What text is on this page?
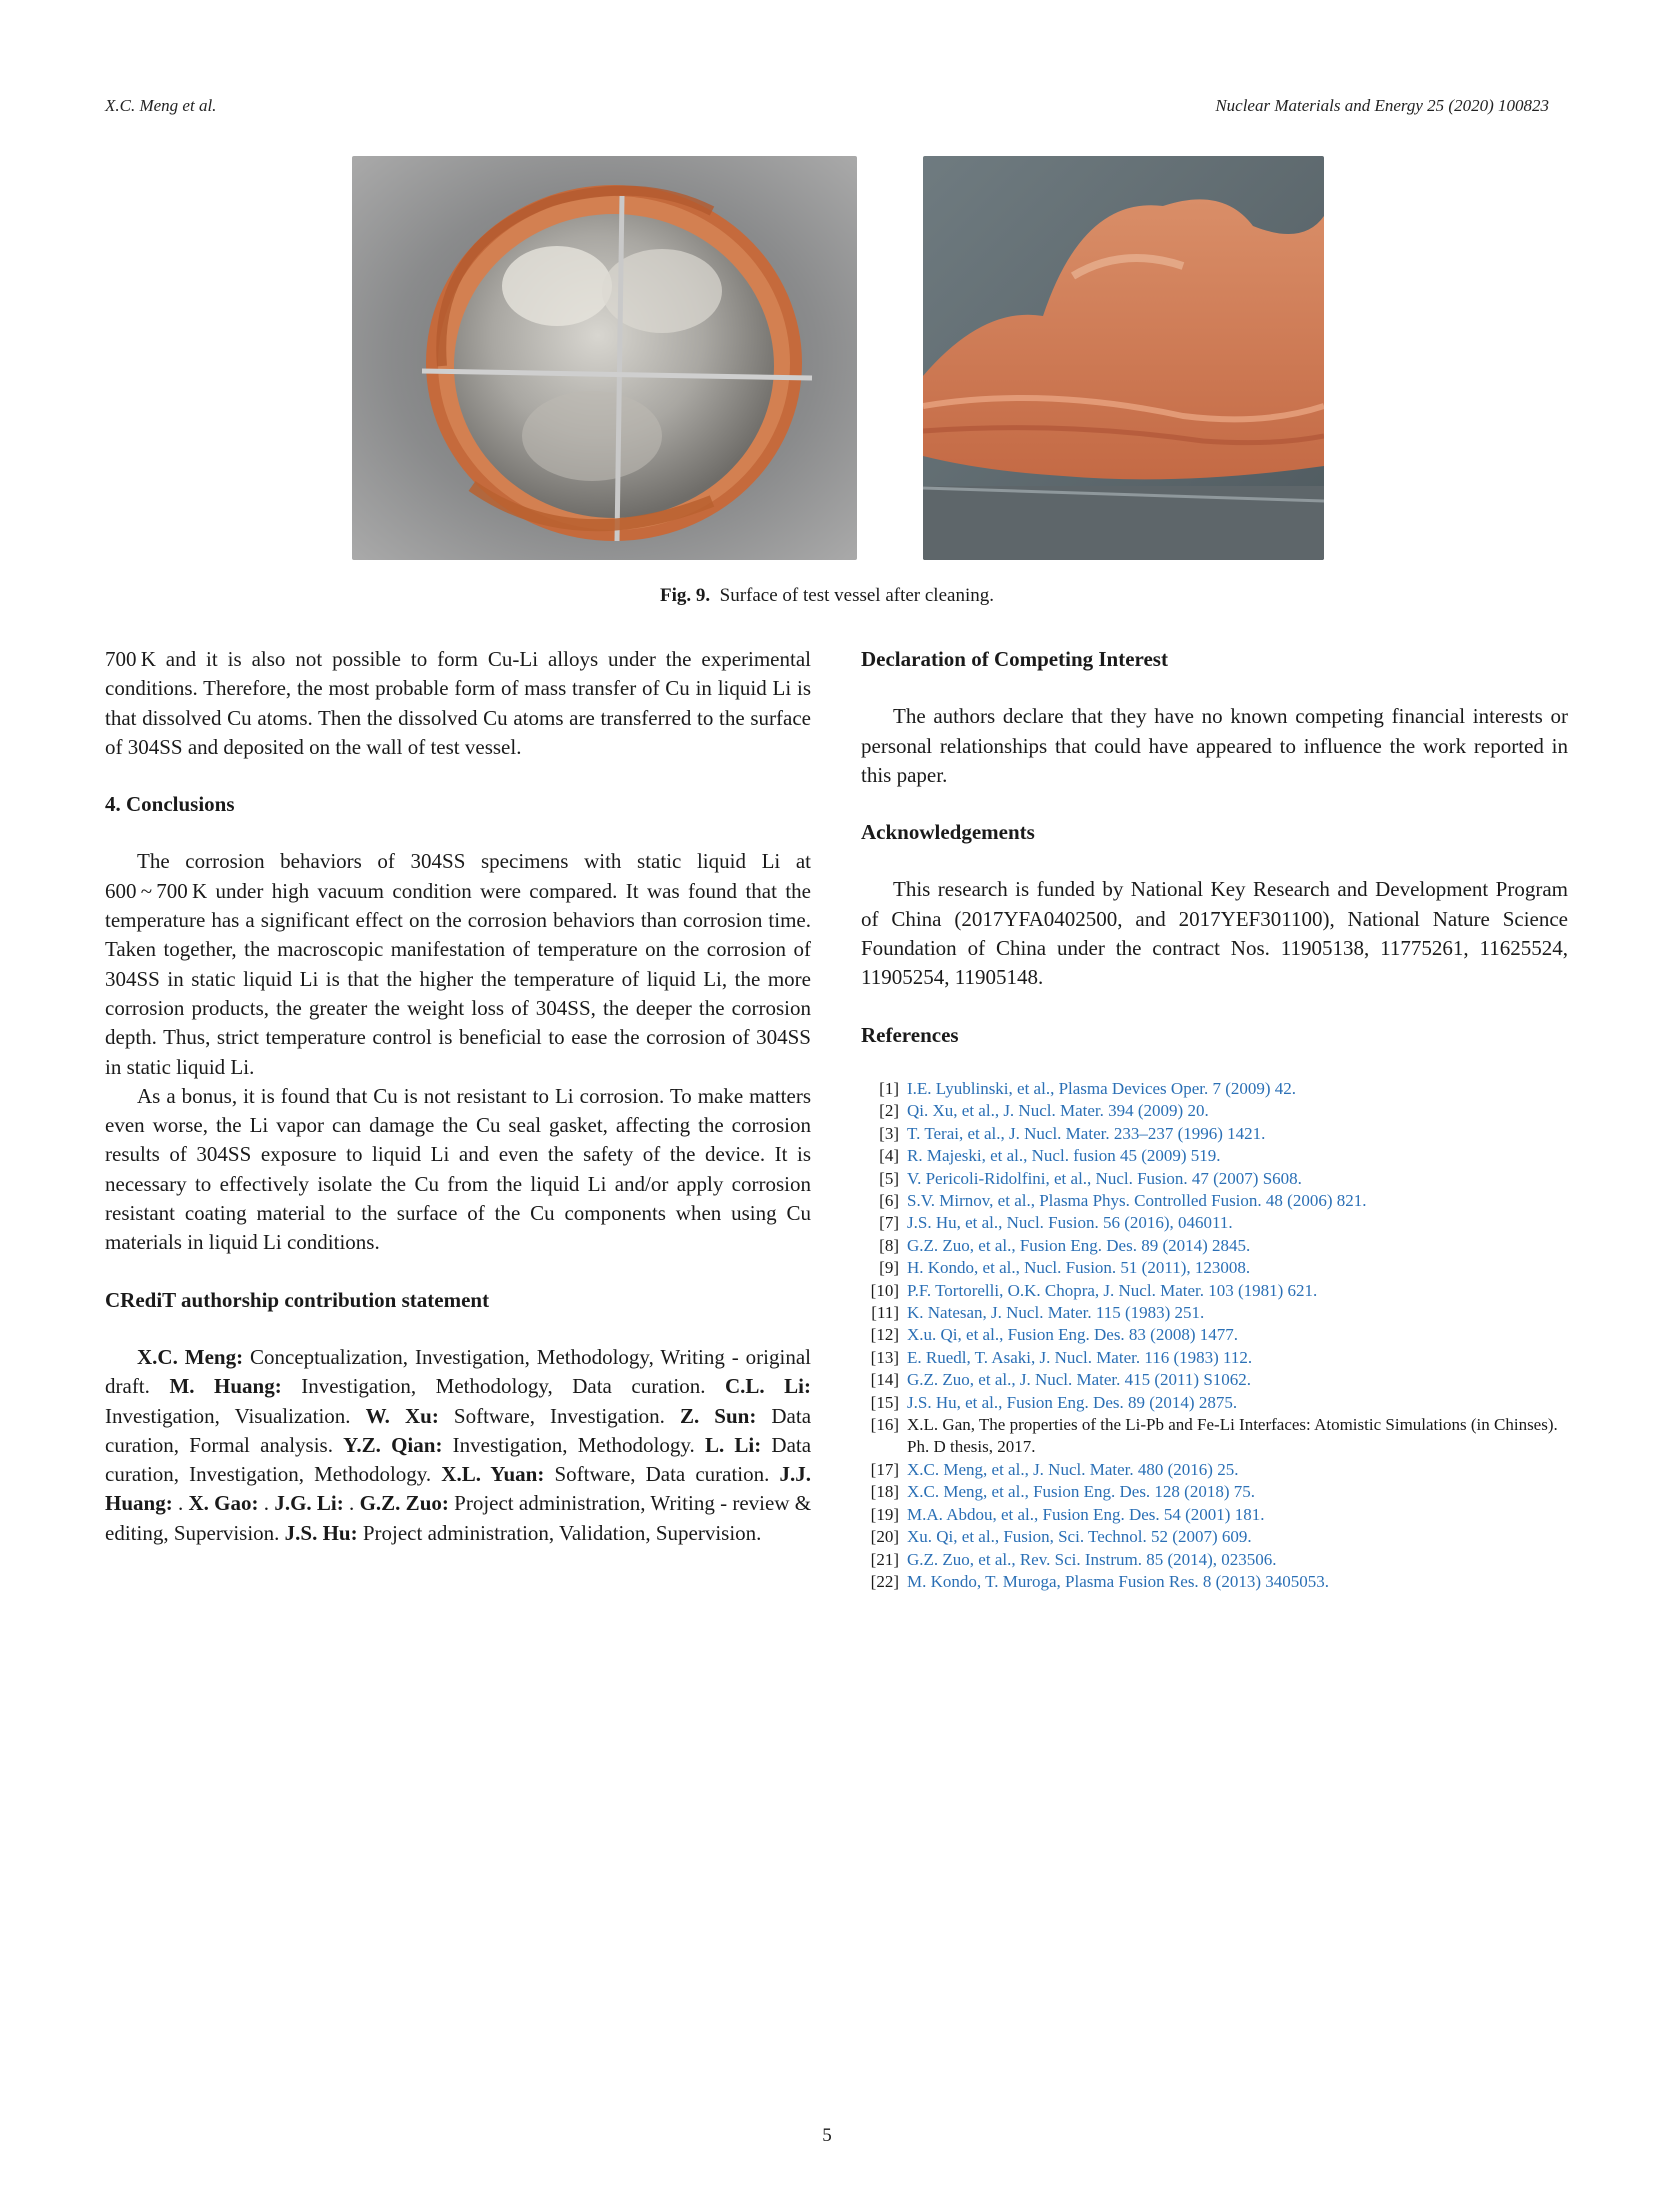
X.C. Meng et al.	Nuclear Materials and Energy 25 (2020) 100823
Fig. 9. Surface of test vessel after cleaning.

700 K and it is also not possible to form Cu-Li alloys under the experimental conditions. Therefore, the most probable form of mass transfer of Cu in liquid Li is that dissolved Cu atoms. Then the dissolved Cu atoms are transferred to the surface of 304SS and deposited on the wall of test vessel.

4. Conclusions

The corrosion behaviors of 304SS specimens with static liquid Li at 600 ~ 700 K under high vacuum condition were compared. It was found that the temperature has a significant effect on the corrosion behaviors than corrosion time. Taken together, the macroscopic manifestation of temperature on the corrosion of 304SS in static liquid Li is that the higher the temperature of liquid Li, the more corrosion products, the greater the weight loss of 304SS, the deeper the corrosion depth. Thus, strict temperature control is beneficial to ease the corrosion of 304SS in static liquid Li.

As a bonus, it is found that Cu is not resistant to Li corrosion. To make matters even worse, the Li vapor can damage the Cu seal gasket, affecting the corrosion results of 304SS exposure to liquid Li and even the safety of the device. It is necessary to effectively isolate the Cu from the liquid Li and/or apply corrosion resistant coating material to the surface of the Cu components when using Cu materials in liquid Li conditions.

CRediT authorship contribution statement

X.C. Meng: Conceptualization, Investigation, Methodology, Writing - original draft. M. Huang: Investigation, Methodology, Data curation. C.L. Li: Investigation, Visualization. W. Xu: Software, Investigation. Z. Sun: Data curation, Formal analysis. Y.Z. Qian: Investigation, Methodology. L. Li: Data curation, Investigation, Methodology. X.L. Yuan: Software, Data curation. J.J. Huang: . X. Gao: . J.G. Li: . G.Z. Zuo: Project administration, Writing - review & editing, Supervision. J.S. Hu: Project administration, Validation, Supervision.

Declaration of Competing Interest

The authors declare that they have no known competing financial interests or personal relationships that could have appeared to influence the work reported in this paper.

Acknowledgements

This research is funded by National Key Research and Development Program of China (2017YFA0402500, and 2017YEF301100), National Nature Science Foundation of China under the contract Nos. 11905138, 11775261, 11625524, 11905254, 11905148.

References

[1] I.E. Lyublinski, et al., Plasma Devices Oper. 7 (2009) 42.
[2] Qi. Xu, et al., J. Nucl. Mater. 394 (2009) 20.
[3] T. Terai, et al., J. Nucl. Mater. 233–237 (1996) 1421.
[4] R. Majeski, et al., Nucl. fusion 45 (2009) 519.
[5] V. Pericoli-Ridolfini, et al., Nucl. Fusion. 47 (2007) S608.
[6] S.V. Mirnov, et al., Plasma Phys. Controlled Fusion. 48 (2006) 821.
[7] J.S. Hu, et al., Nucl. Fusion. 56 (2016), 046011.
[8] G.Z. Zuo, et al., Fusion Eng. Des. 89 (2014) 2845.
[9] H. Kondo, et al., Nucl. Fusion. 51 (2011), 123008.
[10] P.F. Tortorelli, O.K. Chopra, J. Nucl. Mater. 103 (1981) 621.
[11] K. Natesan, J. Nucl. Mater. 115 (1983) 251.
[12] X.u. Qi, et al., Fusion Eng. Des. 83 (2008) 1477.
[13] E. Ruedl, T. Asaki, J. Nucl. Mater. 116 (1983) 112.
[14] G.Z. Zuo, et al., J. Nucl. Mater. 415 (2011) S1062.
[15] J.S. Hu, et al., Fusion Eng. Des. 89 (2014) 2875.
[16] X.L. Gan, The properties of the Li-Pb and Fe-Li Interfaces: Atomistic Simulations (in Chinses). Ph. D thesis, 2017.
[17] X.C. Meng, et al., J. Nucl. Mater. 480 (2016) 25.
[18] X.C. Meng, et al., Fusion Eng. Des. 128 (2018) 75.
[19] M.A. Abdou, et al., Fusion Eng. Des. 54 (2001) 181.
[20] Xu. Qi, et al., Fusion, Sci. Technol. 52 (2007) 609.
[21] G.Z. Zuo, et al., Rev. Sci. Instrum. 85 (2014), 023506.
[22] M. Kondo, T. Muroga, Plasma Fusion Res. 8 (2013) 3405053.
5
